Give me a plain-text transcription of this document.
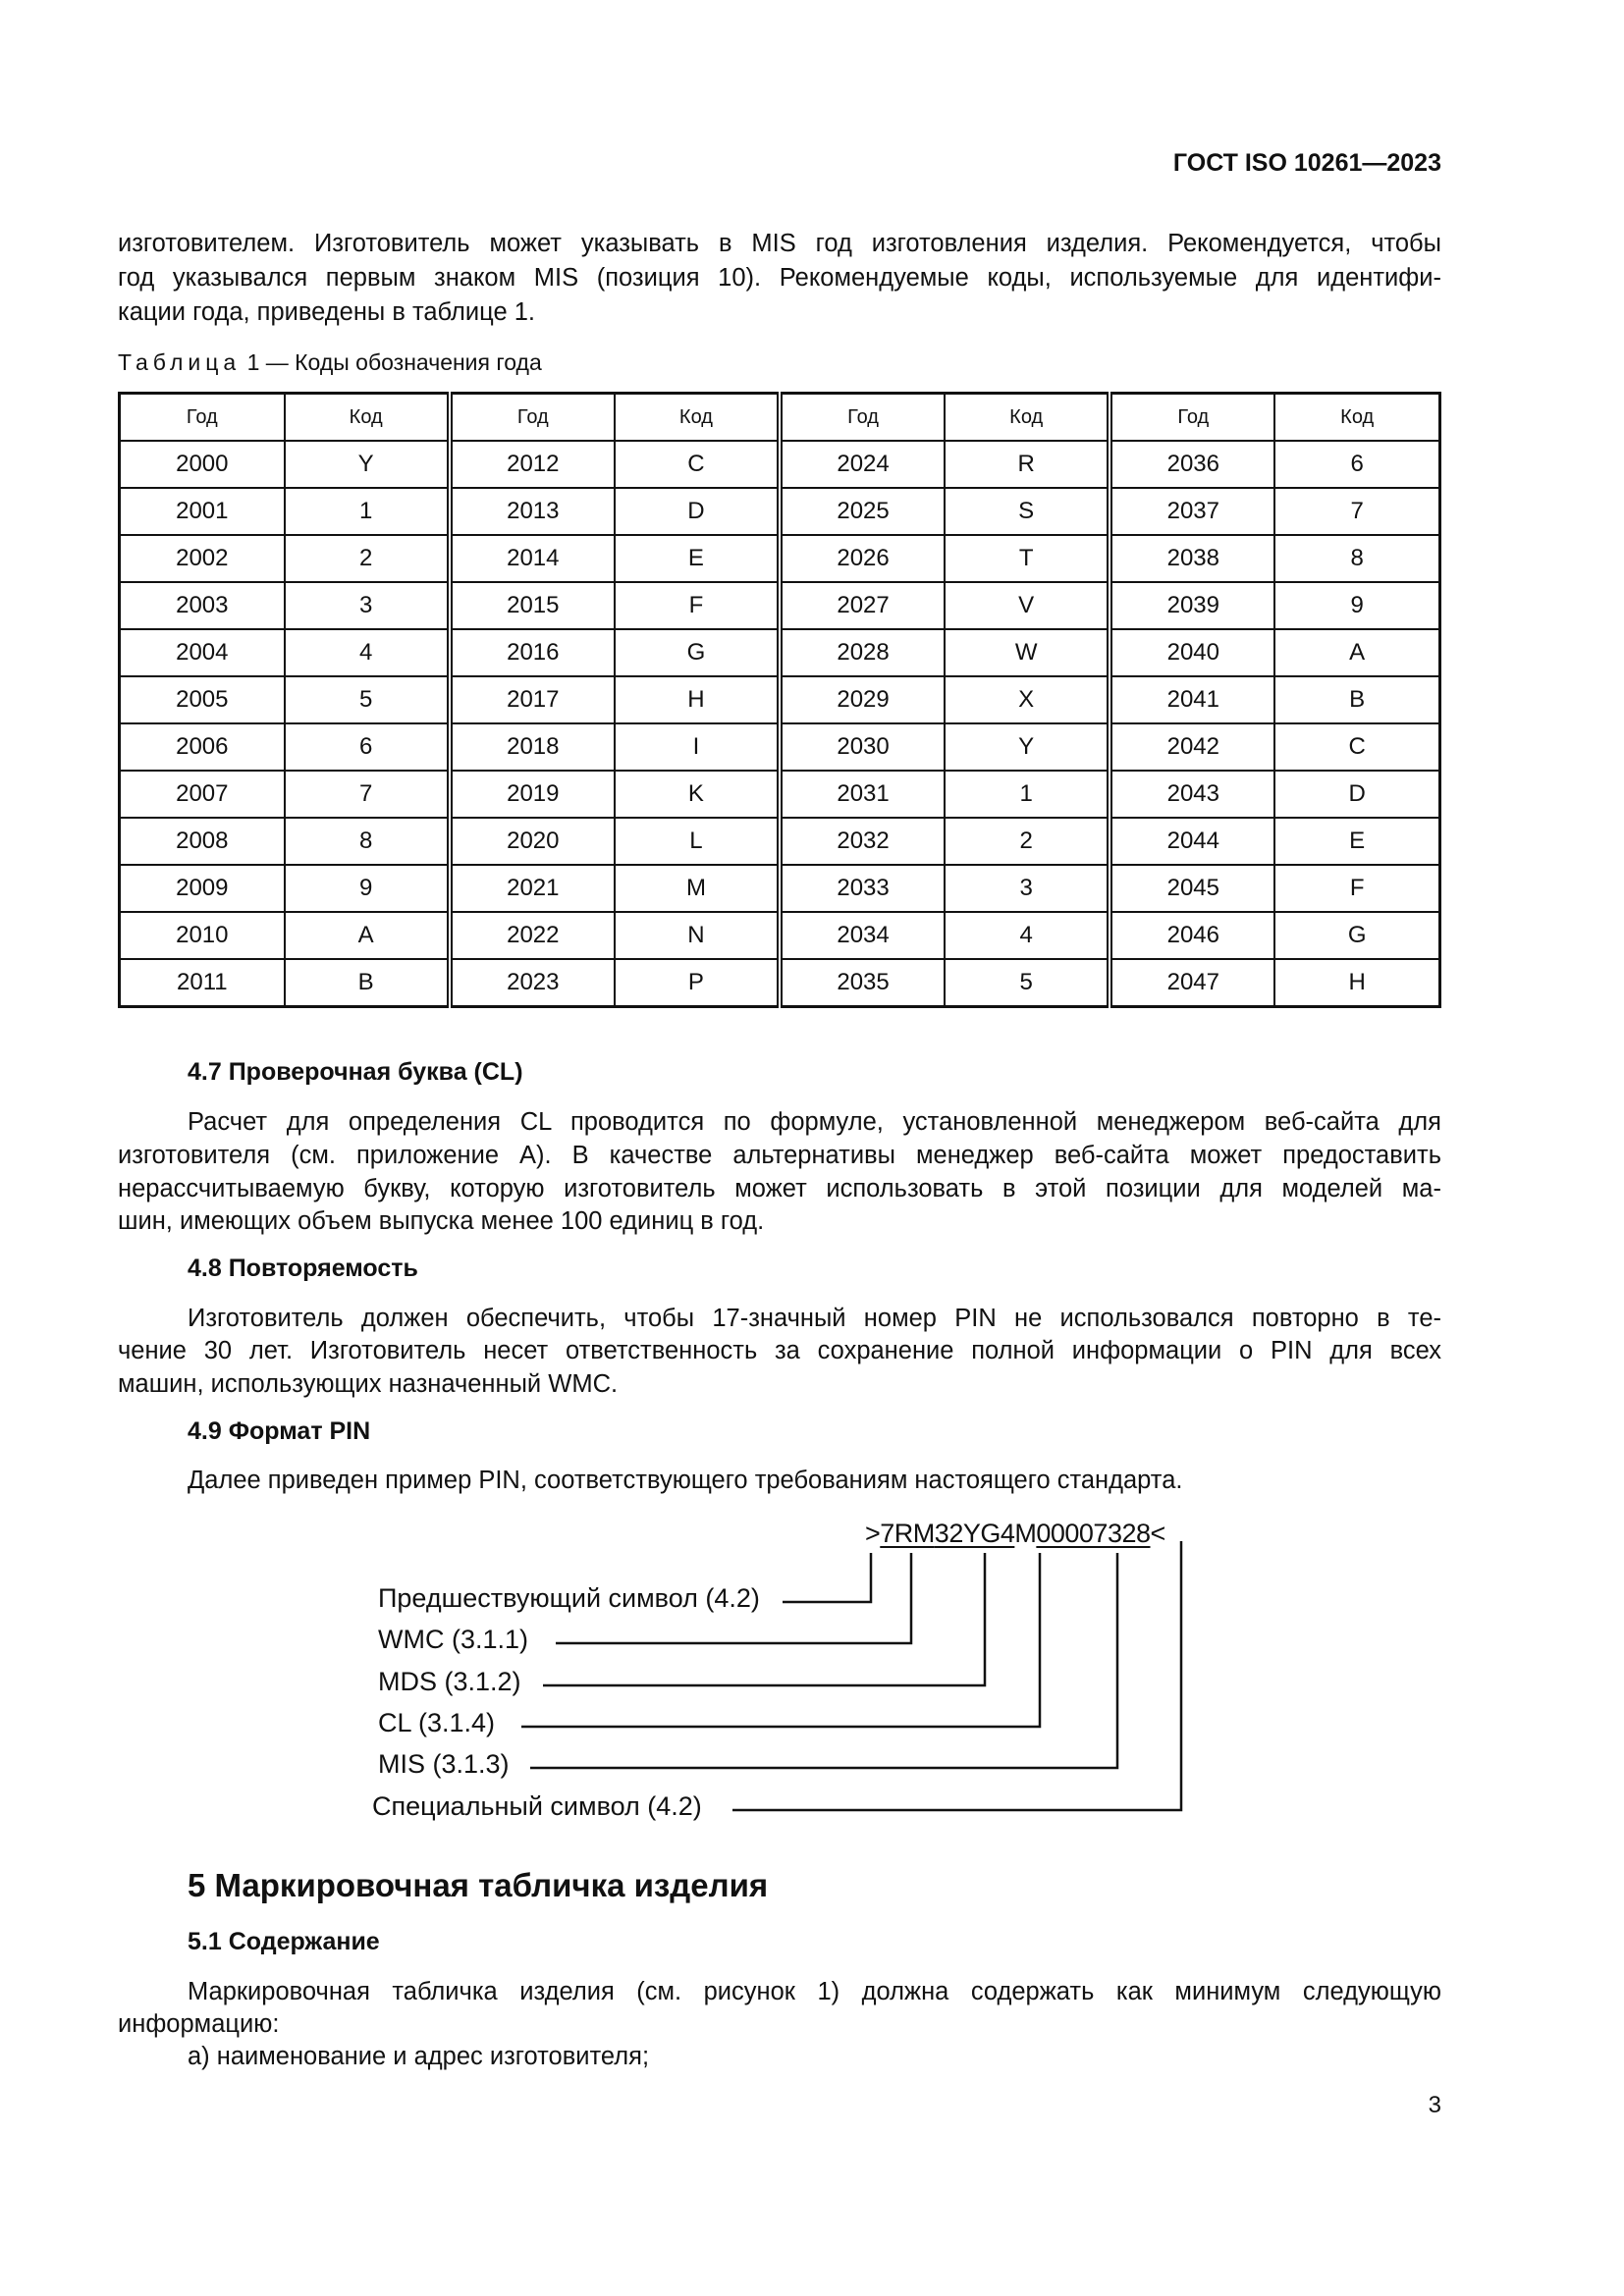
ГОСТ ISO 10261—2023
изготовителем. Изготовитель может указывать в MIS год изготовления изделия. Рекомендуется, чтобы
год указывался первым знаком MIS (позиция 10). Рекомендуемые коды, используемые для идентифи-
кации года, приведены в таблице 1.
Таблица 1 — Коды обозначения года
Год	Код	Год	Код	Год	Код	Год	Код
2000	Y	2012	C	2024	R	2036	6
2001	1	2013	D	2025	S	2037	7
2002	2	2014	E	2026	T	2038	8
2003	3	2015	F	2027	V	2039	9
2004	4	2016	G	2028	W	2040	A
2005	5	2017	H	2029	X	2041	B
2006	6	2018	I	2030	Y	2042	C
2007	7	2019	K	2031	1	2043	D
2008	8	2020	L	2032	2	2044	E
2009	9	2021	M	2033	3	2045	F
2010	A	2022	N	2034	4	2046	G
2011	B	2023	P	2035	5	2047	H
4.7 Проверочная буква (CL)
Расчет для определения CL проводится по формуле, установленной менеджером веб-сайта для
изготовителя (см. приложение А). В качестве альтернативы менеджер веб-сайта может предоставить
нерассчитываемую букву, которую изготовитель может использовать в этой позиции для моделей ма-
шин, имеющих объем выпуска менее 100 единиц в год.
4.8 Повторяемость
Изготовитель должен обеспечить, чтобы 17-значный номер PIN не использовался повторно в те-
чение 30 лет. Изготовитель несет ответственность за сохранение полной информации о PIN для всех
машин, использующих назначенный WMC.
4.9 Формат PIN
Далее приведен пример PIN, соответствующего требованиям настоящего стандарта.
>7RM32YG4M00007328<
Предшествующий символ (4.2)
WMC (3.1.1)
MDS (3.1.2)
CL (3.1.4)
MIS (3.1.3)
Специальный символ (4.2)
5 Маркировочная табличка изделия
5.1 Содержание
Маркировочная табличка изделия (см. рисунок 1) должна содержать как минимум следующую
информацию:
а) наименование и адрес изготовителя;
3
